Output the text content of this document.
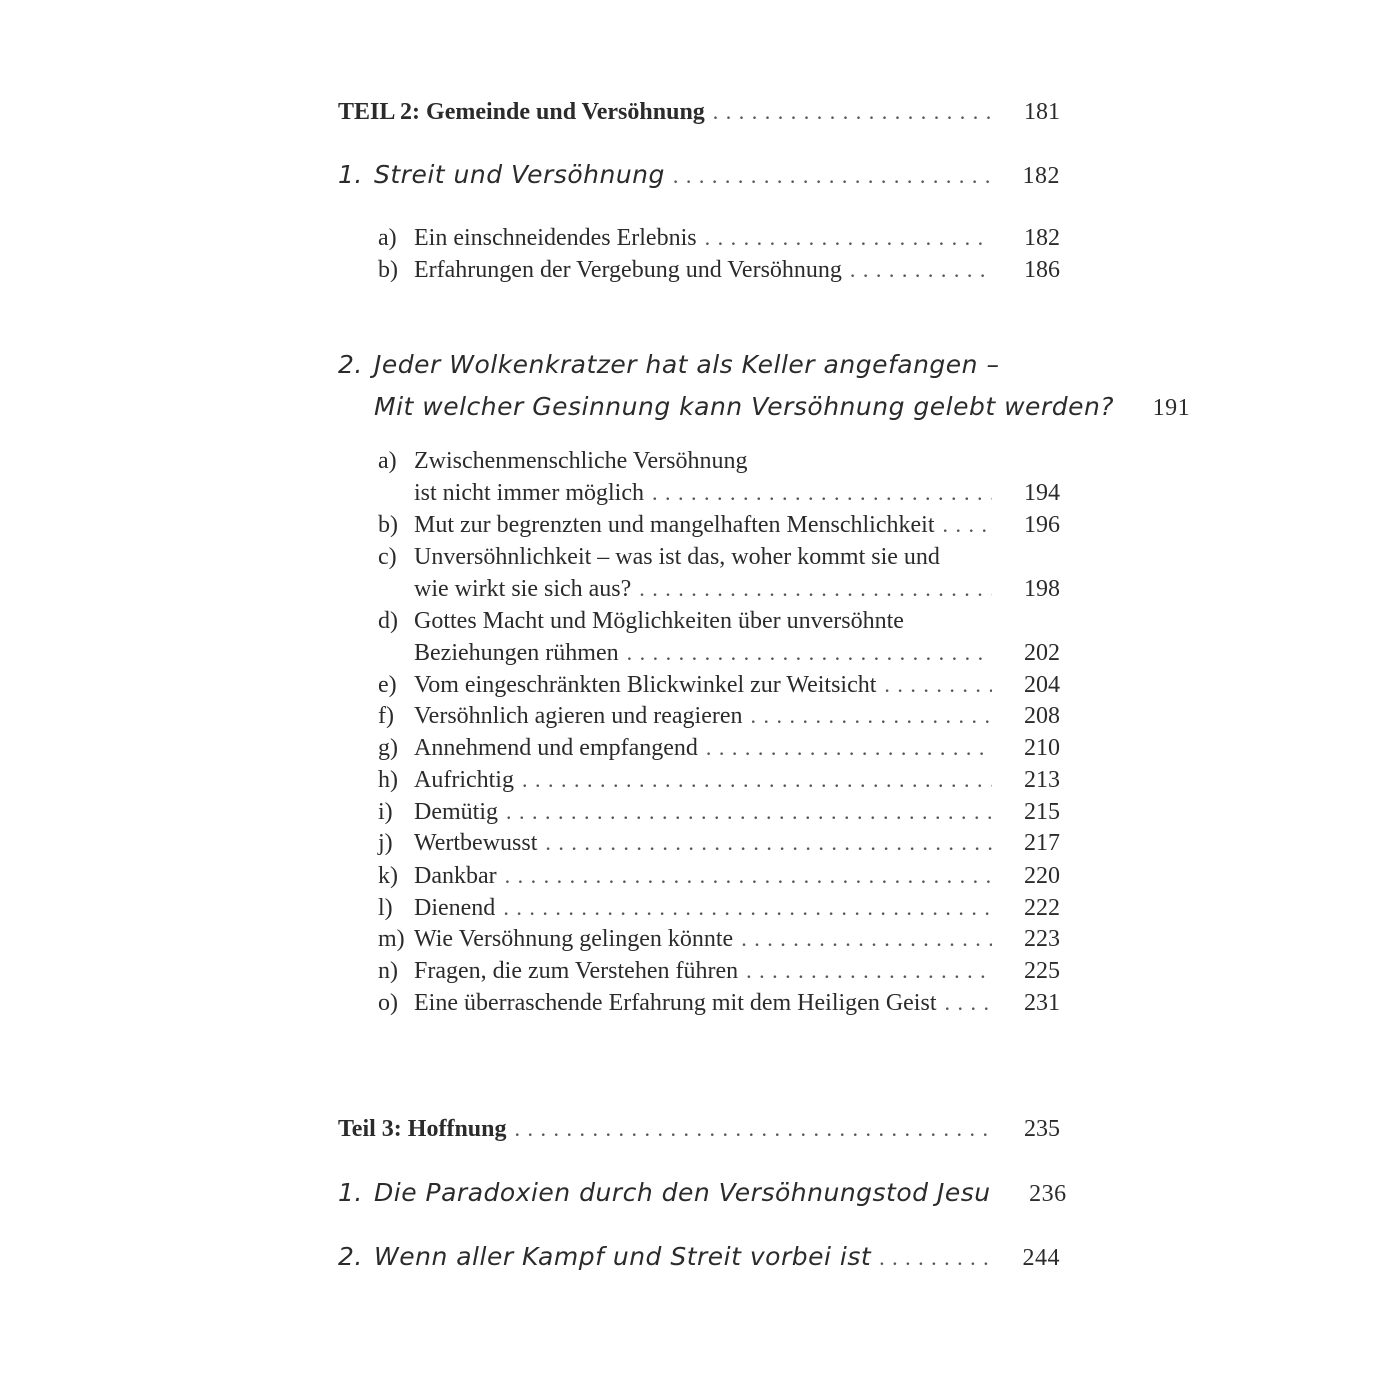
TEIL 2: Gemeinde und Versöhnung . . .	181
1. Streit und Versöhnung . . .	182
a) Ein einschneidendes Erlebnis . . .	182
b) Erfahrungen der Vergebung und Versöhnung . . .	186
2. Jeder Wolkenkratzer hat als Keller angefangen –
Mit welcher Gesinnung kann Versöhnung gelebt werden?	191
a) Zwischenmenschliche Versöhnung
ist nicht immer möglich . . .	194
b) Mut zur begrenzten und mangelhaften Menschlichkeit . . .	196
c) Unversöhnlichkeit – was ist das, woher kommt sie und
wie wirkt sie sich aus? . . .	198
d) Gottes Macht und Möglichkeiten über unversöhnte
Beziehungen rühmen . . .	202
e) Vom eingeschränkten Blickwinkel zur Weitsicht . . .	204
f) Versöhnlich agieren und reagieren . . .	208
g) Annehmend und empfangend . . .	210
h) Aufrichtig . . .	213
i) Demütig . . .	215
j) Wertbewusst . . .	217
k) Dankbar . . .	220
l) Dienend . . .	222
m) Wie Versöhnung gelingen könnte . . .	223
n) Fragen, die zum Verstehen führen . . .	225
o) Eine überraschende Erfahrung mit dem Heiligen Geist . . .	231
Teil 3: Hoffnung . . .	235
1. Die Paradoxien durch den Versöhnungstod Jesu	236
2. Wenn aller Kampf und Streit vorbei ist . . .	244
